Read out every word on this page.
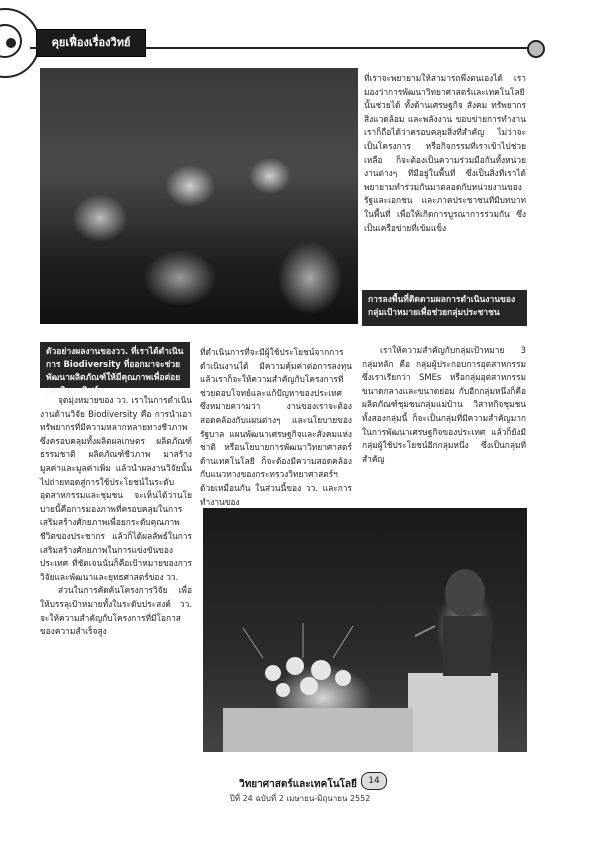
คุยเฟื่องเรื่องวิทย์
ที่เราจะพยายามให้สามารถพึ่งตนเองได้ เรา มองว่าการพัฒนาวิทยาศาสตร์และเทคโนโลยีนั้นช่วยได้ ทั้งด้านเศรษฐกิจ สังคม ทรัพยากรสิ่งแวดล้อม และพลังงาน ขอบข่ายการทำงานเราก็ถือได้ว่าครอบคลุมสิ่งที่สำคัญ ไม่ว่าจะเป็นโครงการ หรือกิจกรรมที่เราเข้าไปช่วยเหลือ ก็จะต้องเป็นความร่วมมือกันทั้งหน่วยงานต่างๆ ที่มีอยู่ในพื้นที่ ซึ่งเป็นสิ่งที่เราได้พยายามทำร่วมกันมาตลอดกับหน่วยงานของรัฐและเอกชน และภาคประชาชนที่มีบทบาทในพื้นที่ เพื่อให้เกิดการบูรณาการร่วมกัน ซึ่งเป็นเครือข่ายที่เข้มแข็ง
การลงพื้นที่ติดตามผลการดำเนินงานของกลุ่มเป้าหมายเพื่อช่วยกลุ่มประชาชน
ตัวอย่างผลงานของวว. ที่เราได้ดำเนินการ Biodiversity ที่ออกมาจะช่วยพัฒนาผลิตภัณฑ์ให้มีคุณภาพเพื่อต่อยอดเชิงพาณิชย์

จุดมุ่งหมายของ วว. เราในการดำเนินงานด้านวิจัย Biodiversity คือ การนำเอาทรัพยากรที่มีความหลากหลายทางชีวภาพ ซึ่งครอบคลุมทั้งผลิตผลเกษตร ผลิตภัณฑ์ธรรมชาติ ผลิตภัณฑ์ชีวภาพ มาสร้างมูลค่าและมูลค่าเพิ่ม แล้วนำผลงานวิจัยนั้นไปถ่ายทอดสู่การใช้ประโยชน์ในระดับอุตสาหกรรมและชุมชน จะเห็นได้ว่านโยบายนี้คือการมองภาพที่ครอบคลุมในการเสริมสร้างศักยภาพเพื่อยกระดับคุณภาพชีวิตของประชากร แล้วก็ได้ผลลัพธ์ในการเสริมสร้างศักยภาพในการแข่งขันของประเทศ ที่ชัดเจนนั่นก็คือเป้าหมายของการวิจัยและพัฒนาและยุทธศาสตร์ของ วว.

ส่วนในการคัดค้นโครงการวิจัย เพื่อให้บรรลุเป้าหมายทั้งในระดับประสงค์ วว. จะให้ความสำคัญกับโครงการที่มีโอกาสของความสำเร็จสูง

ที่ดำเนินการที่จะมีผู้ใช้ประโยชน์จากการดำเนินงานได้ มีความคุ้มค่าต่อการลงทุน แล้วเราก็จะให้ความสำคัญกับโครงการที่ช่วยตอบโจทย์และแก้ปัญหาของประเทศ ซึ่งหมายความว่า งานของเราจะต้องสอดคล้องกับแผนต่างๆ และนโยบายของรัฐบาล แผนพัฒนาเศรษฐกิจและสังคมแห่งชาติ หรือนโยบายการพัฒนาวิทยาศาสตร์ ด้านเทคโนโลยี ก็จะต้องมีความสอดคล้องกับแนวทางของกระทรวงวิทยาศาสตร์ฯ ด้วยเหมือนกัน ในส่วนนี้ของ วว. และการทำงานของ
เราให้ความสำคัญกับกลุ่มเป้าหมาย 3 กลุ่มหลัก คือ กลุ่มผู้ประกอบการอุตสาหกรรม ซึ่งเราเรียกว่า SMEs หรือกลุ่มอุตสาหกรรมขนาดกลางและขนาดย่อม กับอีกกลุ่มหนึ่งก็คือผลิตภัณฑ์ชุมชนกลุ่มแม่บ้าน วิสาหกิจชุมชน ทั้งสองกลุ่มนี้ ก็จะเป็นกลุ่มที่มีความสำคัญมากในการพัฒนาเศรษฐกิจของประเทศ แล้วก็ยังมีกลุ่มผู้ใช้ประโยชน์อีกกลุ่มหนึ่ง ซึ่งเป็นกลุ่มที่สำคัญ
วิทยาศาสตร์และเทคโนโลยี	14
ปีที่ 24 ฉบับที่ 2 เมษายน-มิถุนายน 2552
